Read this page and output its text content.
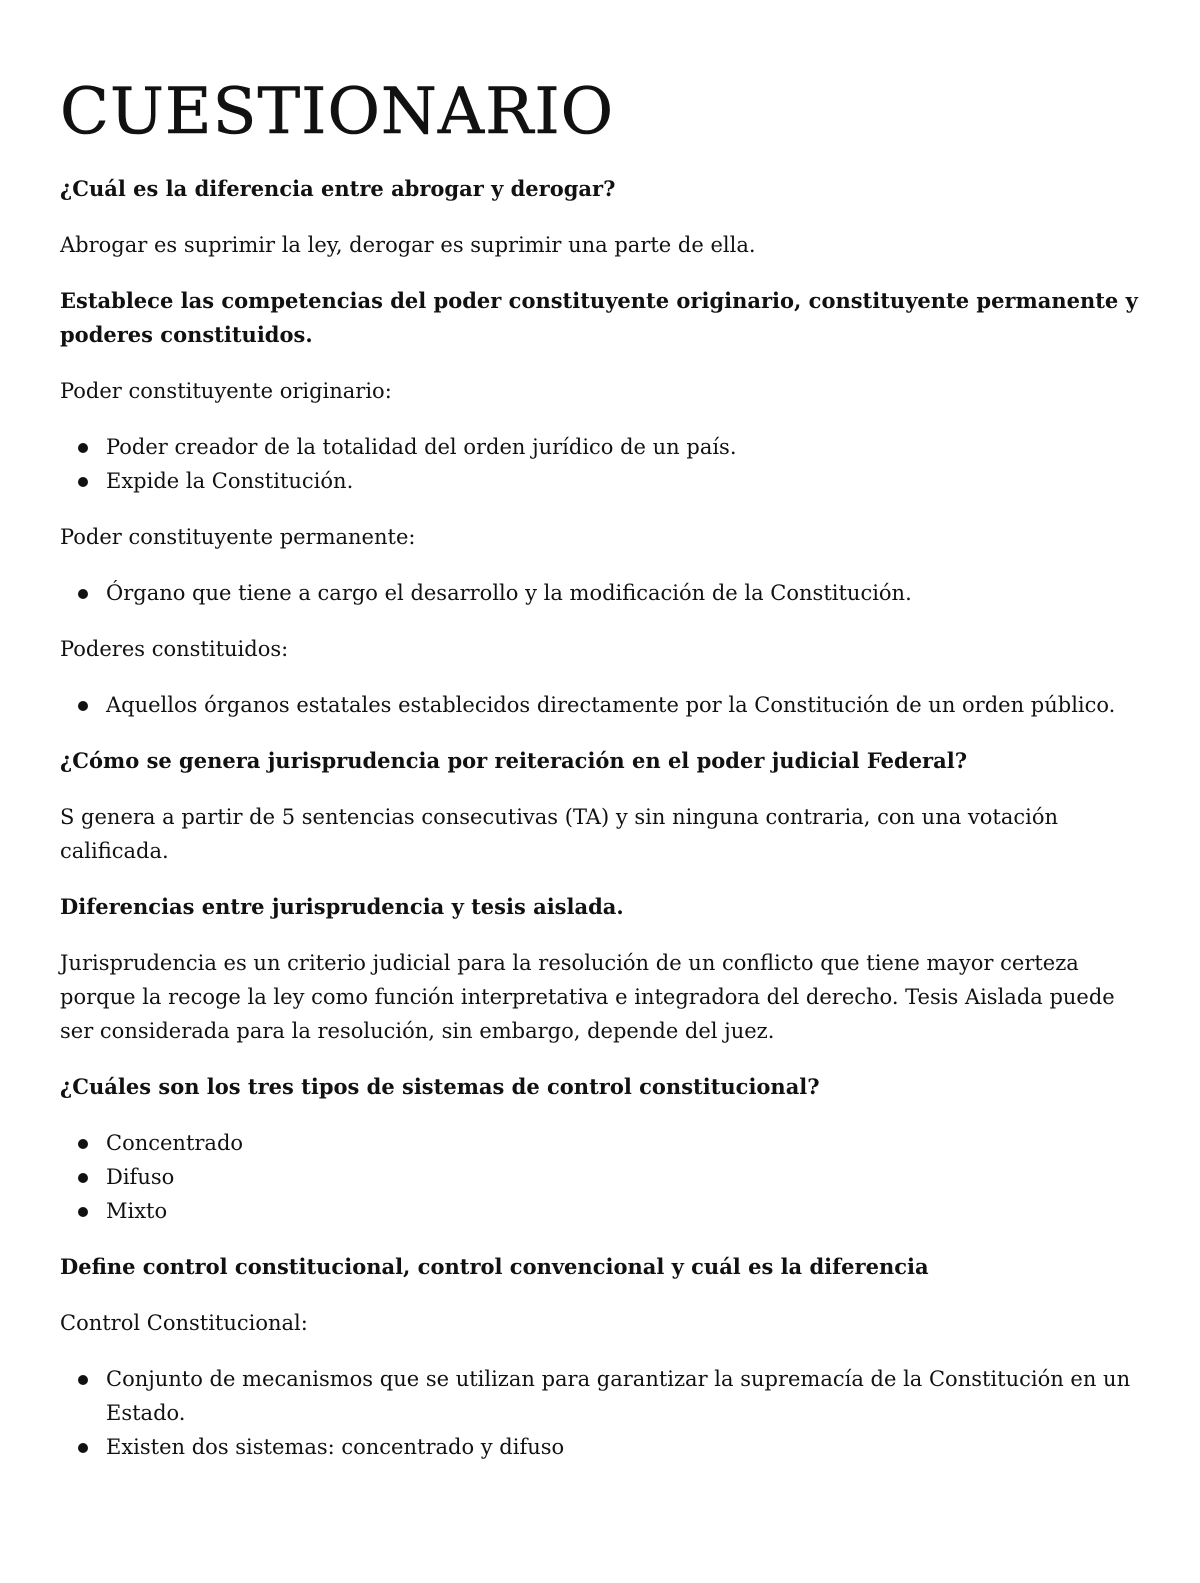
CUESTIONARIO

¿Cuál es la diferencia entre abrogar y derogar?

Abrogar es suprimir la ley, derogar es suprimir una parte de ella.

Establece las competencias del poder constituyente originario, constituyente permanente y poderes constituidos.

Poder constituyente originario:

Poder creador de la totalidad del orden jurídico de un país.
Expide la Constitución.

Poder constituyente permanente:

Órgano que tiene a cargo el desarrollo y la modificación de la Constitución.

Poderes constituidos:

Aquellos órganos estatales establecidos directamente por la Constitución de un orden público.

¿Cómo se genera jurisprudencia por reiteración en el poder judicial Federal?

S genera a partir de 5 sentencias consecutivas (TA) y sin ninguna contraria, con una votación calificada.

Diferencias entre jurisprudencia y tesis aislada.

Jurisprudencia es un criterio judicial para la resolución de un conflicto que tiene mayor certeza porque la recoge la ley como función interpretativa e integradora del derecho. Tesis Aislada puede ser considerada para la resolución, sin embargo, depende del juez.

¿Cuáles son los tres tipos de sistemas de control constitucional?

Concentrado
Difuso
Mixto

Define control constitucional, control convencional y cuál es la diferencia

Control Constitucional:

Conjunto de mecanismos que se utilizan para garantizar la supremacía de la Constitución en un Estado.
Existen dos sistemas: concentrado y difuso
